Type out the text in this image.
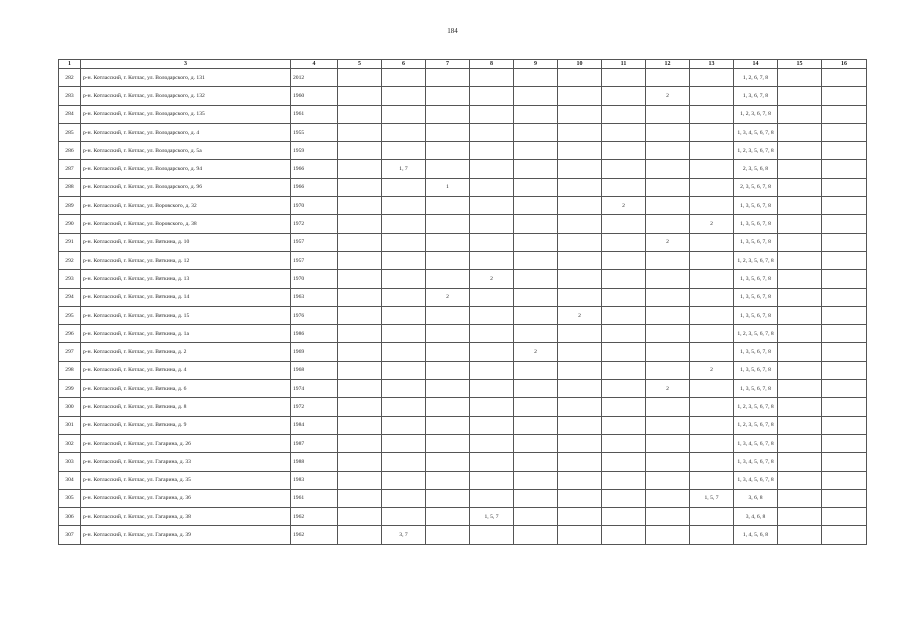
184
1	3	4	5	6	7	8	9	10	11	12	13	14	15	16
282	р-н. Котласский, г. Котлас, ул. Володарского, д. 131	2012										1, 2, 6, 7, 8		
283	р-н. Котласский, г. Котлас, ул. Володарского, д. 132	1960								2		1, 3, 6, 7, 8		
284	р-н. Котласский, г. Котлас, ул. Володарского, д. 135	1961										1, 2, 3, 6, 7, 8		
285	р-н. Котласский, г. Котлас, ул. Володарского, д. 4	1955										1, 3, 4, 5, 6, 7, 8		
286	р-н. Котласский, г. Котлас, ул. Володарского, д. 5а	1959										1, 2, 3, 5, 6, 7, 8		
287	р-н. Котласский, г. Котлас, ул. Володарского, д. 94	1966		1, 7								2, 3, 5, 6, 8		
288	р-н. Котласский, г. Котлас, ул. Володарского, д. 96	1966			1							2, 3, 5, 6, 7, 8		
289	р-н. Котласский, г. Котлас, ул. Воровского, д. 32	1970							2			1, 3, 5, 6, 7, 8		
290	р-н. Котласский, г. Котлас, ул. Воровского, д. 38	1972									2	1, 3, 5, 6, 7, 8		
291	р-н. Котласский, г. Котлас, ул. Вяткина, д. 10	1957								2		1, 3, 5, 6, 7, 8		
292	р-н. Котласский, г. Котлас, ул. Вяткина, д. 12	1957										1, 2, 3, 5, 6, 7, 8		
293	р-н. Котласский, г. Котлас, ул. Вяткина, д. 13	1970				2						1, 3, 5, 6, 7, 8		
294	р-н. Котласский, г. Котлас, ул. Вяткина, д. 14	1963			2							1, 3, 5, 6, 7, 8		
295	р-н. Котласский, г. Котлас, ул. Вяткина, д. 15	1976						2				1, 3, 5, 6, 7, 8		
296	р-н. Котласский, г. Котлас, ул. Вяткина, д. 1а	1986										1, 2, 3, 5, 6, 7, 8		
297	р-н. Котласский, г. Котлас, ул. Вяткина, д. 2	1969					2					1, 3, 5, 6, 7, 8		
298	р-н. Котласский, г. Котлас, ул. Вяткина, д. 4	1968									2	1, 3, 5, 6, 7, 8		
299	р-н. Котласский, г. Котлас, ул. Вяткина, д. 6	1974								2		1, 3, 5, 6, 7, 8		
300	р-н. Котласский, г. Котлас, ул. Вяткина, д. 8	1972										1, 2, 3, 5, 6, 7, 8		
301	р-н. Котласский, г. Котлас, ул. Вяткина, д. 9	1984										1, 2, 3, 5, 6, 7, 8		
302	р-н. Котласский, г. Котлас, ул. Гагарина, д. 26	1987										1, 3, 4, 5, 6, 7, 8		
303	р-н. Котласский, г. Котлас, ул. Гагарина, д. 33	1988										1, 3, 4, 5, 6, 7, 8		
304	р-н. Котласский, г. Котлас, ул. Гагарина, д. 35	1983										1, 3, 4, 5, 6, 7, 8		
305	р-н. Котласский, г. Котлас, ул. Гагарина, д. 36	1961									1, 5, 7	3, 6, 8		
306	р-н. Котласский, г. Котлас, ул. Гагарина, д. 38	1962				1, 5, 7						3, 4, 6, 8		
307	р-н. Котласский, г. Котлас, ул. Гагарина, д. 39	1962		3, 7								1, 4, 5, 6, 8		
